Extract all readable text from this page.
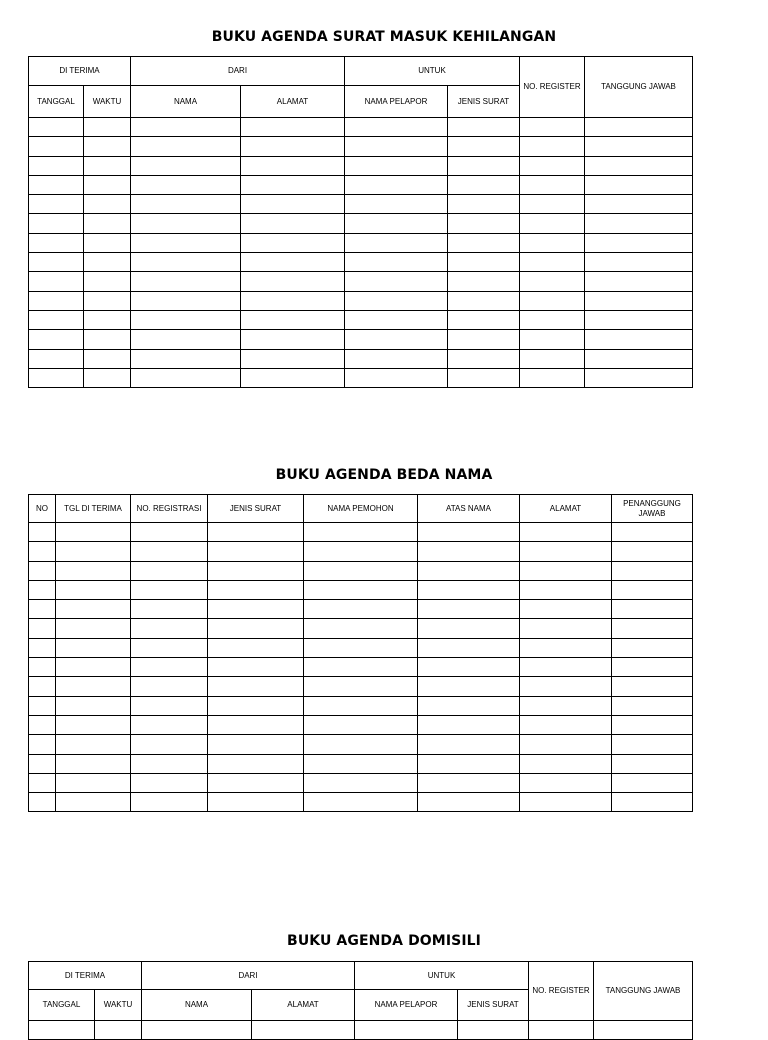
BUKU AGENDA SURAT MASUK KEHILANGAN
DI TERIMA		DARI		UNTUK		NO. REGISTER	TANGGUNG JAWAB
TANGGAL	WAKTU	NAMA	ALAMAT	NAMA PELAPOR	JENIS SURAT		

BUKU AGENDA BEDA NAMA
NO	TGL DI TERIMA	NO. REGISTRASI	JENIS SURAT	NAMA PEMOHON	ATAS NAMA	ALAMAT	PENANGGUNG JAWAB

BUKU AGENDA DOMISILI
DI TERIMA		DARI		UNTUK		NO. REGISTER	TANGGUNG JAWAB
TANGGAL	WAKTU	NAMA	ALAMAT	NAMA PELAPOR	JENIS SURAT		
